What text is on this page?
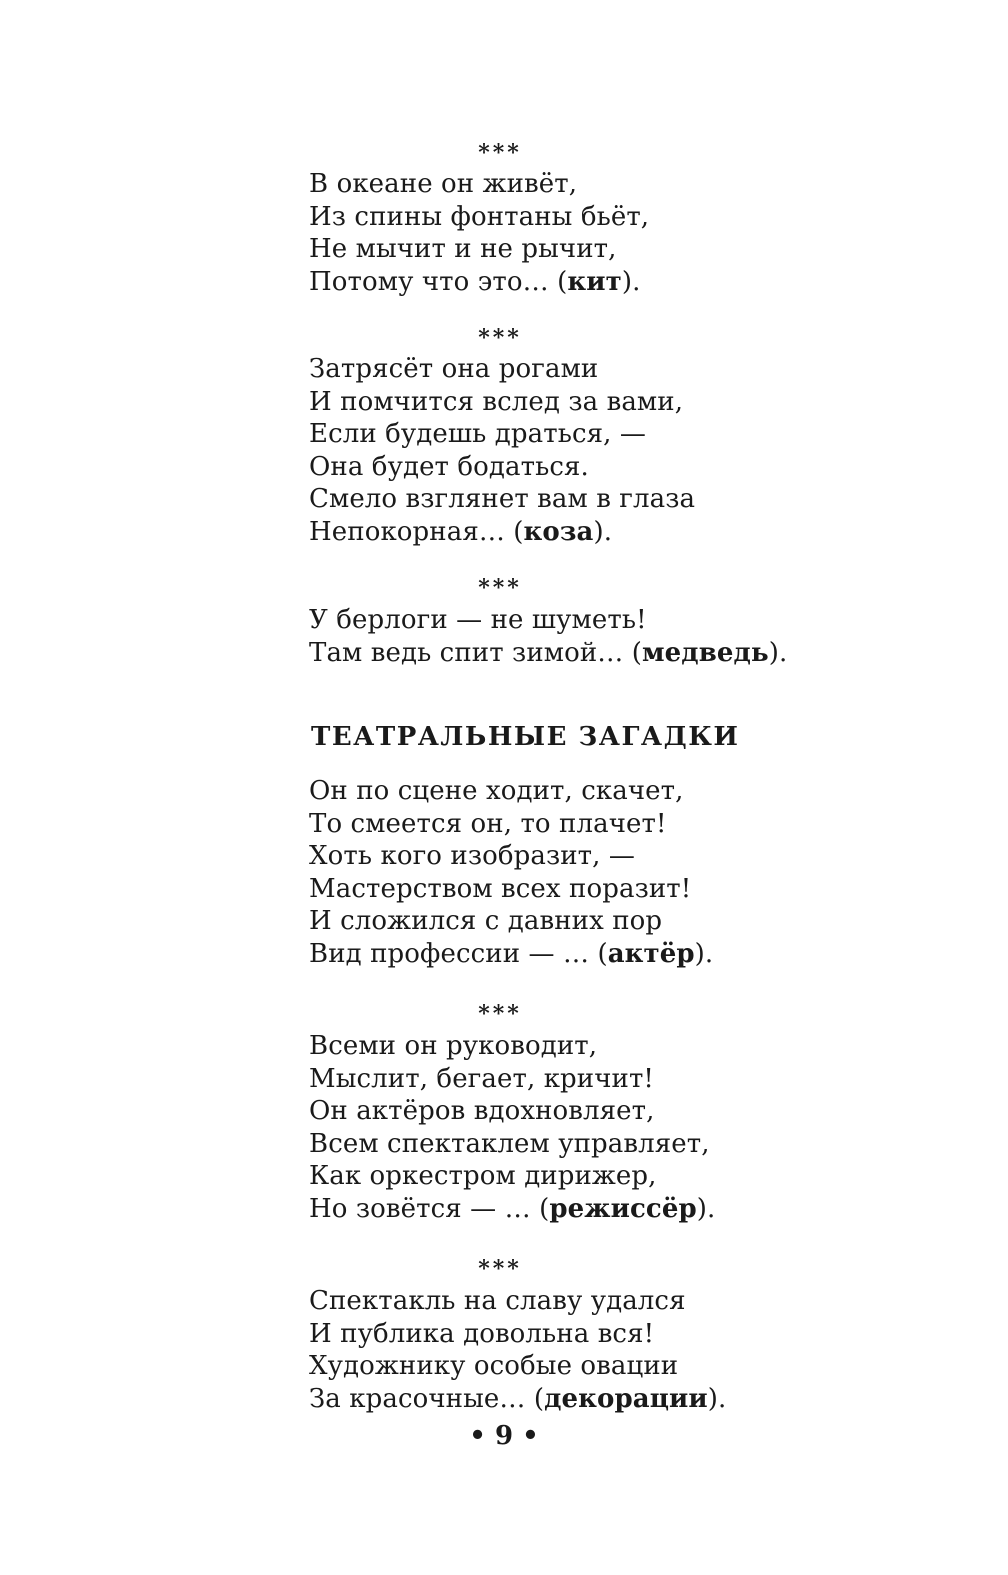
***
В океане он живёт,
Из спины фонтаны бьёт,
Не мычит и не рычит,
Потому что это… (кит).
***
Затрясёт она рогами
И помчится вслед за вами,
Если будешь драться, —
Она будет бодаться.
Смело взглянет вам в глаза
Непокорная… (коза).
***
У берлоги — не шуметь!
Там ведь спит зимой… (медведь).
ТЕАТРАЛЬНЫЕ ЗАГАДКИ
Он по сцене ходит, скачет,
То смеется он, то плачет!
Хоть кого изобразит, —
Мастерством всех поразит!
И сложился с давних пор
Вид профессии — … (актёр).
***
Всеми он руководит,
Мыслит, бегает, кричит!
Он актёров вдохновляет,
Всем спектаклем управляет,
Как оркестром дирижер,
Но зовётся — … (режиссёр).
***
Спектакль на славу удался
И публика довольна вся!
Художнику особые овации
За красочные… (декорации).
• 9 •
